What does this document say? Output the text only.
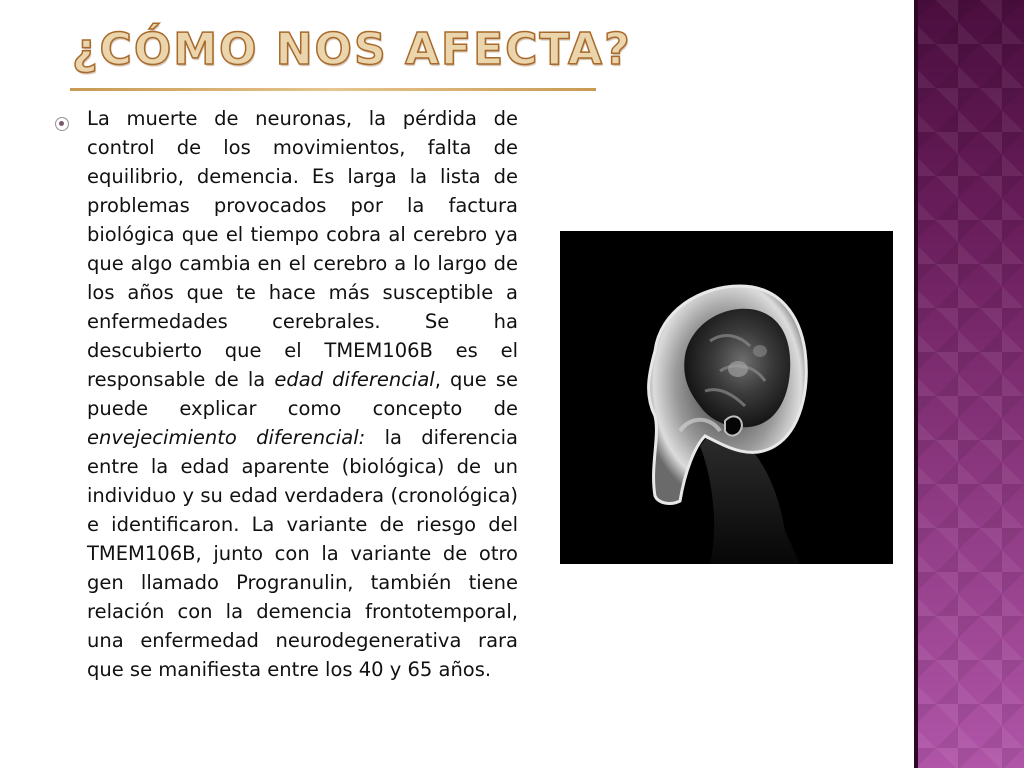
¿CÓMO NOS AFECTA?

La muerte de neuronas, la pérdida de control de los movimientos, falta de equilibrio, demencia. Es larga la lista de problemas provocados por la factura biológica que el tiempo cobra al cerebro ya que algo cambia en el cerebro a lo largo de los años que te hace más susceptible a enfermedades cerebrales. Se ha descubierto que el TMEM106B es el responsable de la edad diferencial, que se puede explicar como concepto de envejecimiento diferencial: la diferencia entre la edad aparente (biológica) de un individuo y su edad verdadera (cronológica) e identificaron. La variante de riesgo del TMEM106B, junto con la variante de otro gen llamado Progranulin, también tiene relación con la demencia frontotemporal, una enfermedad neurodegenerativa rara que se manifiesta entre los 40 y 65 años.
